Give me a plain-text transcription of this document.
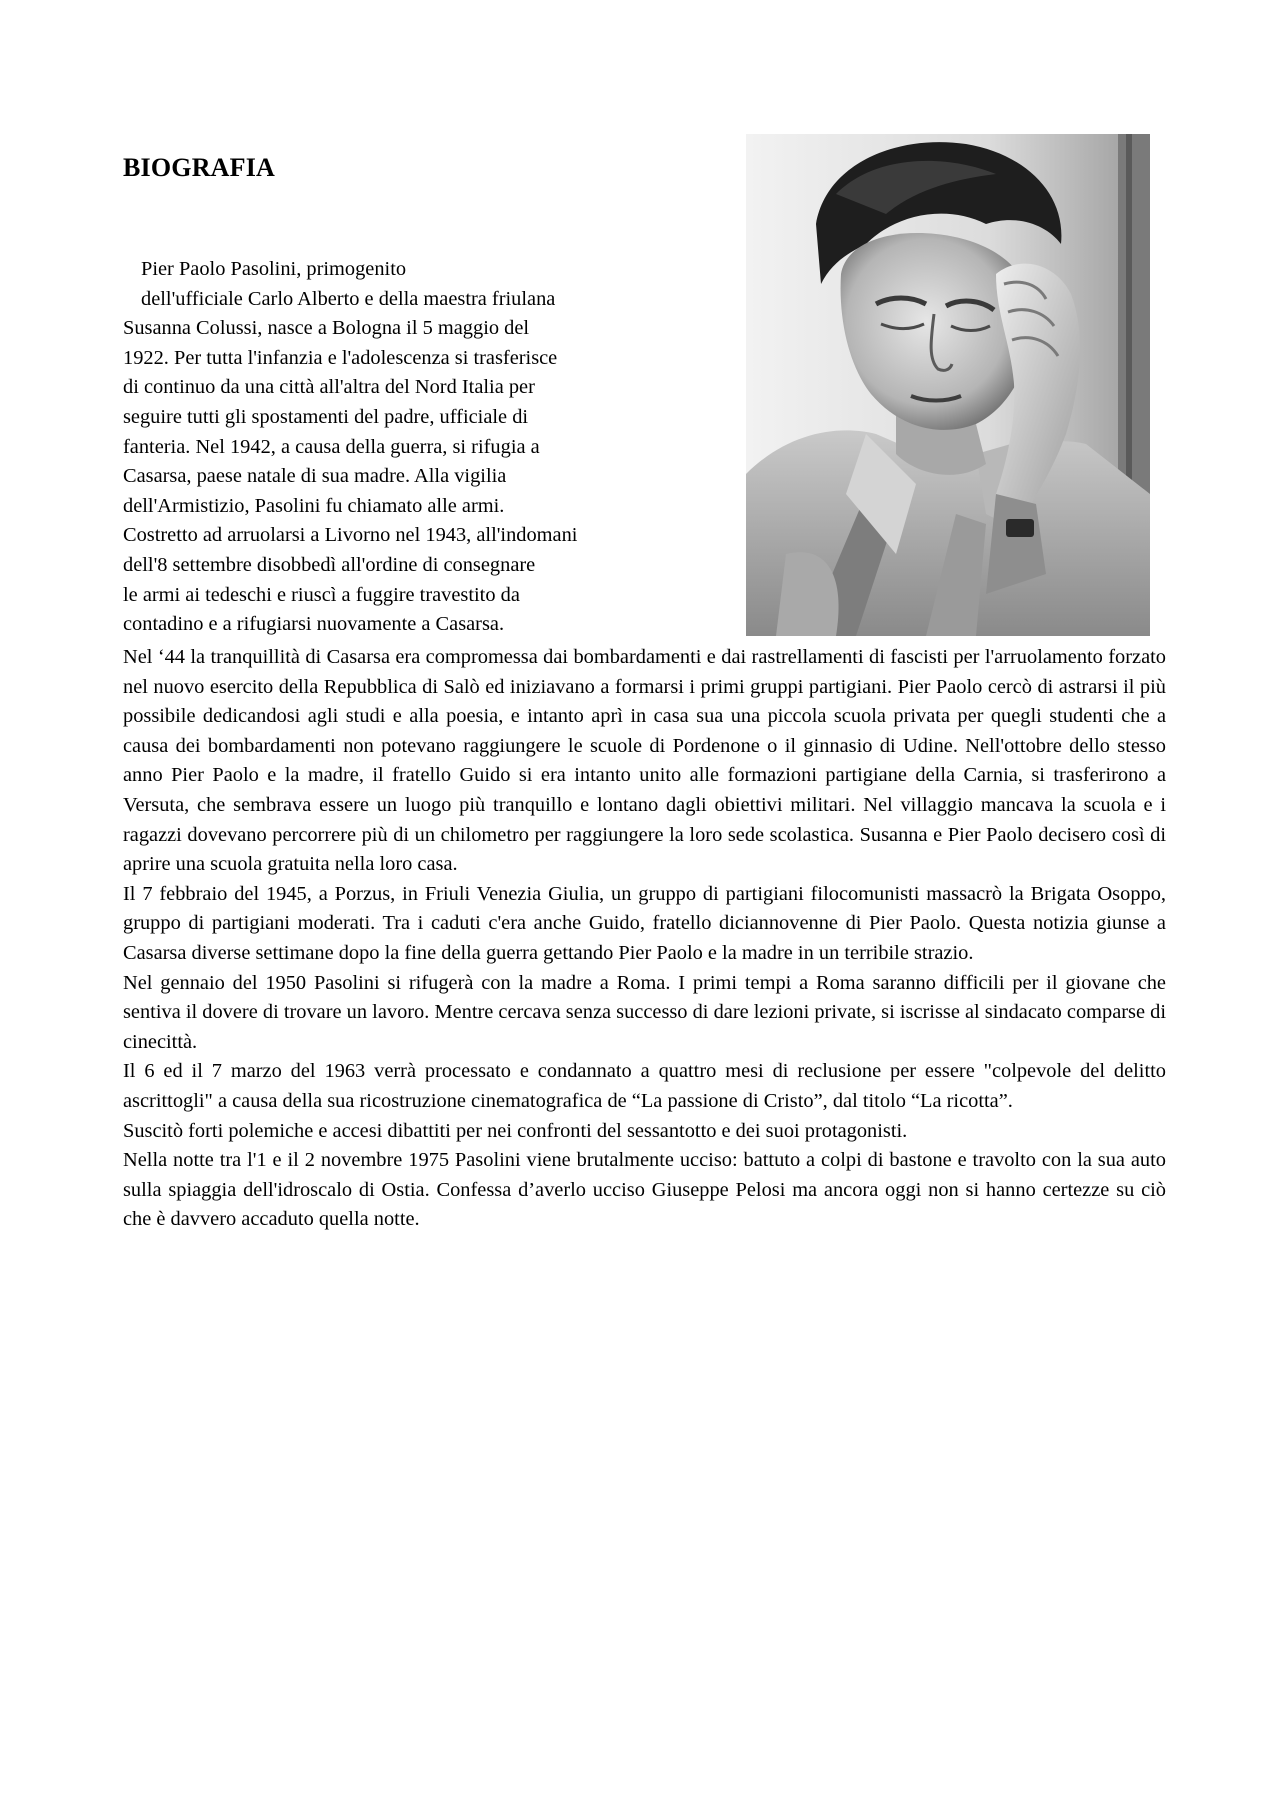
BIOGRAFIA
Pier Paolo Pasolini, primogenito
dell'ufficiale Carlo Alberto e della maestra friulana
Susanna Colussi, nasce a Bologna il 5 maggio del
1922. Per tutta l'infanzia e l'adolescenza si trasferisce
di continuo da una città all'altra del Nord Italia per
seguire tutti gli spostamenti del padre, ufficiale di
fanteria. Nel 1942, a causa della guerra, si rifugia a
Casarsa, paese natale di sua madre. Alla vigilia
dell'Armistizio, Pasolini fu chiamato alle armi.
Costretto ad arruolarsi a Livorno nel 1943, all'indomani
dell'8 settembre disobbedì all'ordine di consegnare
le armi ai tedeschi e riuscì a fuggire travestito da
contadino e a rifugiarsi nuovamente a Casarsa.

Nel ‘44 la tranquillità di Casarsa era compromessa dai bombardamenti e dai rastrellamenti di fascisti per l'arruolamento forzato nel nuovo esercito della Repubblica di Salò ed iniziavano a formarsi i primi gruppi partigiani. Pier Paolo cercò di astrarsi il più possibile dedicandosi agli studi e alla poesia, e intanto aprì in casa sua una piccola scuola privata per quegli studenti che a causa dei bombardamenti non potevano raggiungere le scuole di Pordenone o il ginnasio di Udine. Nell'ottobre dello stesso anno Pier Paolo e la madre, il fratello Guido si era intanto unito alle formazioni partigiane della Carnia, si trasferirono a Versuta, che sembrava essere un luogo più tranquillo e lontano dagli obiettivi militari. Nel villaggio mancava la scuola e i ragazzi dovevano percorrere più di un chilometro per raggiungere la loro sede scolastica. Susanna e Pier Paolo decisero così di aprire una scuola gratuita nella loro casa.

Il 7 febbraio del 1945, a Porzus, in Friuli Venezia Giulia, un gruppo di partigiani filocomunisti massacrò la Brigata Osoppo, gruppo di partigiani moderati. Tra i caduti c'era anche Guido, fratello diciannovenne di Pier Paolo. Questa notizia giunse a Casarsa diverse settimane dopo la fine della guerra gettando Pier Paolo e la madre in un terribile strazio.

Nel gennaio del 1950 Pasolini si rifugerà con la madre a Roma. I primi tempi a Roma saranno difficili per il giovane che sentiva il dovere di trovare un lavoro. Mentre cercava senza successo di dare lezioni private, si iscrisse al sindacato comparse di cinecittà.

Il 6 ed il 7 marzo del 1963 verrà processato e condannato a quattro mesi di reclusione per essere "colpevole del delitto ascrittogli" a causa della sua ricostruzione cinematografica de “La passione di Cristo”, dal titolo “La ricotta”.

Suscitò forti polemiche e accesi dibattiti per nei confronti del sessantotto e dei suoi protagonisti.

Nella notte tra l'1 e il 2 novembre 1975 Pasolini viene brutalmente ucciso: battuto a colpi di bastone e travolto con la sua auto sulla spiaggia dell'idroscalo di Ostia. Confessa d’averlo ucciso Giuseppe Pelosi ma ancora oggi non si hanno certezze su ciò che è davvero accaduto quella notte.
